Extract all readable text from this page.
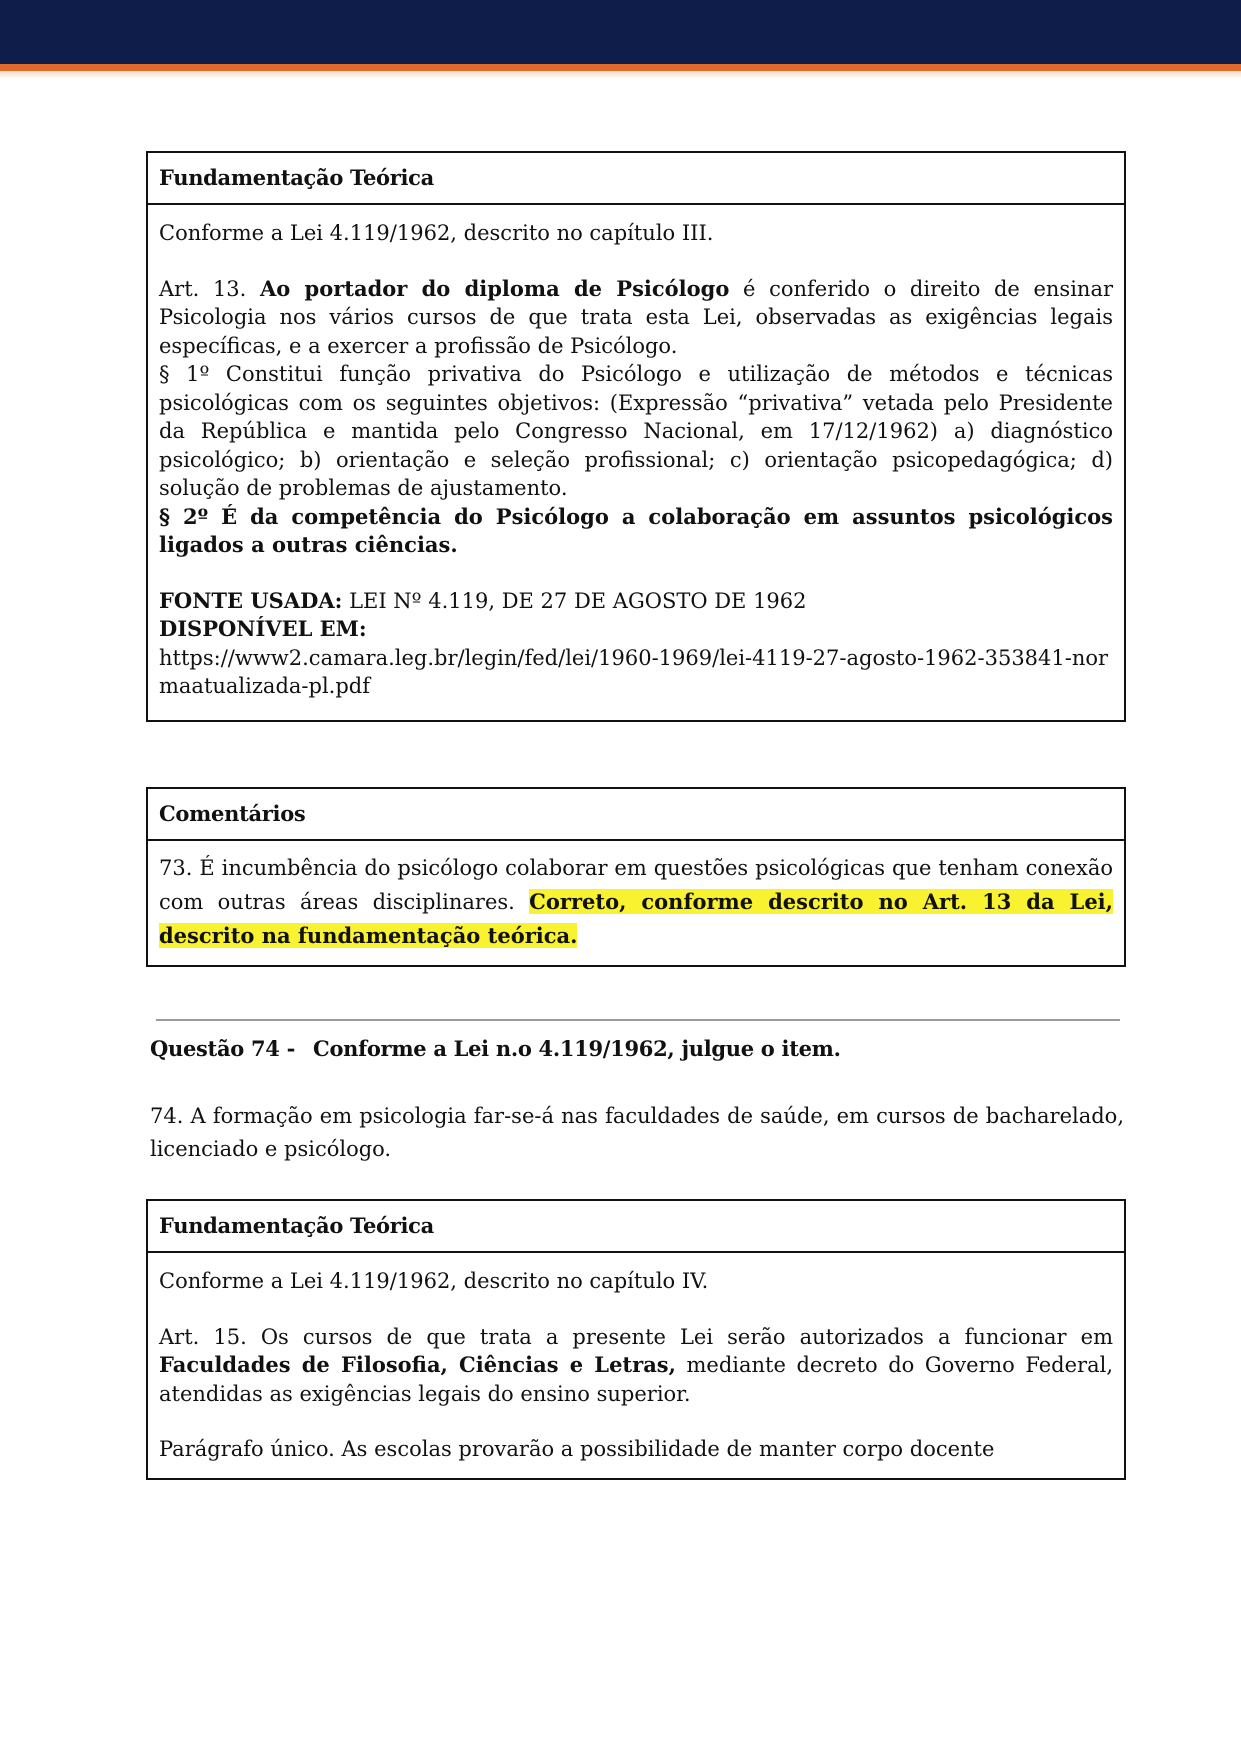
Fundamentação Teórica

Conforme a Lei 4.119/1962, descrito no capítulo III.

Art. 13. Ao portador do diploma de Psicólogo é conferido o direito de ensinar Psicologia nos vários cursos de que trata esta Lei, observadas as exigências legais específicas, e a exercer a profissão de Psicólogo.

§ 1º Constitui função privativa do Psicólogo e utilização de métodos e técnicas psicológicas com os seguintes objetivos: (Expressão “privativa” vetada pelo Presidente da República e mantida pelo Congresso Nacional, em 17/12/1962) a) diagnóstico psicológico; b) orientação e seleção profissional; c) orientação psicopedagógica; d) solução de problemas de ajustamento.

§ 2º É da competência do Psicólogo a colaboração em assuntos psicológicos ligados a outras ciências.

FONTE USADA: LEI Nº 4.119, DE 27 DE AGOSTO DE 1962

DISPONÍVEL EM:

https://www2.camara.leg.br/legin/fed/lei/1960-1969/lei-4119-27-agosto-1962-353841-normaatualizada-pl.pdf

Comentários

73. É incumbência do psicólogo colaborar em questões psicológicas que tenham conexão com outras áreas disciplinares. Correto, conforme descrito no Art. 13 da Lei, descrito na fundamentação teórica.

Questão 74 - Conforme a Lei n.o 4.119/1962, julgue o item.
74. A formação em psicologia far-se-á nas faculdades de saúde, em cursos de bacharelado, licenciado e psicólogo.
Fundamentação Teórica

Conforme a Lei 4.119/1962, descrito no capítulo IV.

Art. 15. Os cursos de que trata a presente Lei serão autorizados a funcionar em Faculdades de Filosofia, Ciências e Letras, mediante decreto do Governo Federal, atendidas as exigências legais do ensino superior.

Parágrafo único. As escolas provarão a possibilidade de manter corpo docente
